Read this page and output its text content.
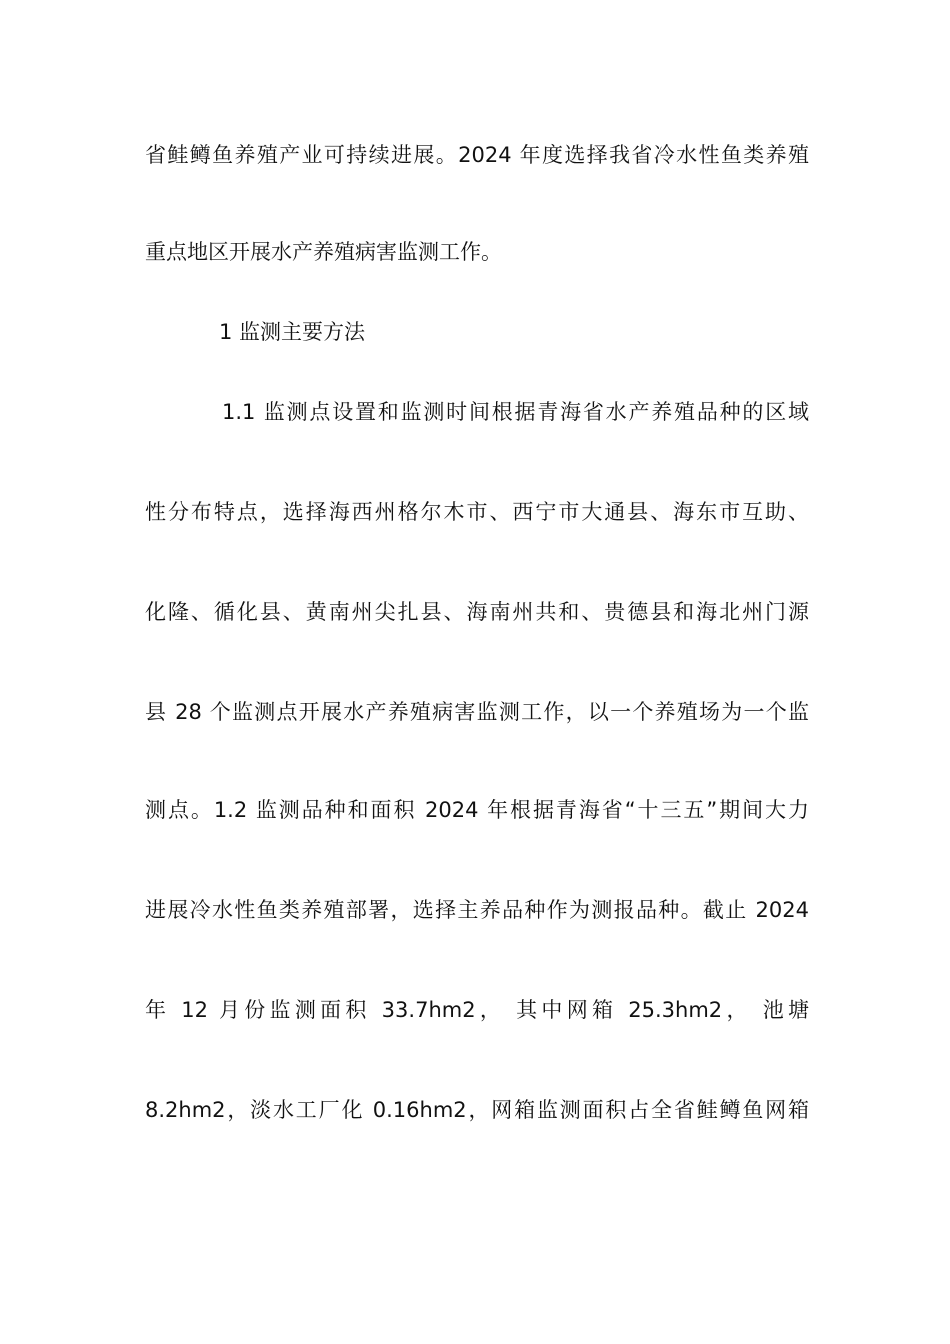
省鲑鳟鱼养殖产业可持续进展。2024 年度选择我省冷水性鱼类养殖
重点地区开展水产养殖病害监测工作。
1 监测主要方法
1.1 监测点设置和监测时间根据青海省水产养殖品种的区域
性分布特点，选择海西州格尔木市、西宁市大通县、海东市互助、
化隆、循化县、黄南州尖扎县、海南州共和、贵德县和海北州门源
县 28 个监测点开展水产养殖病害监测工作，以一个养殖场为一个监
测点。1.2 监测品种和面积 2024 年根据青海省“十三五”期间大力
进展冷水性鱼类养殖部署，选择主养品种作为测报品种。截止 2024
年 12 月份监测面积 33.7hm2， 其中网箱 25.3hm2， 池塘
8.2hm2，淡水工厂化 0.16hm2，网箱监测面积占全省鲑鳟鱼网箱
